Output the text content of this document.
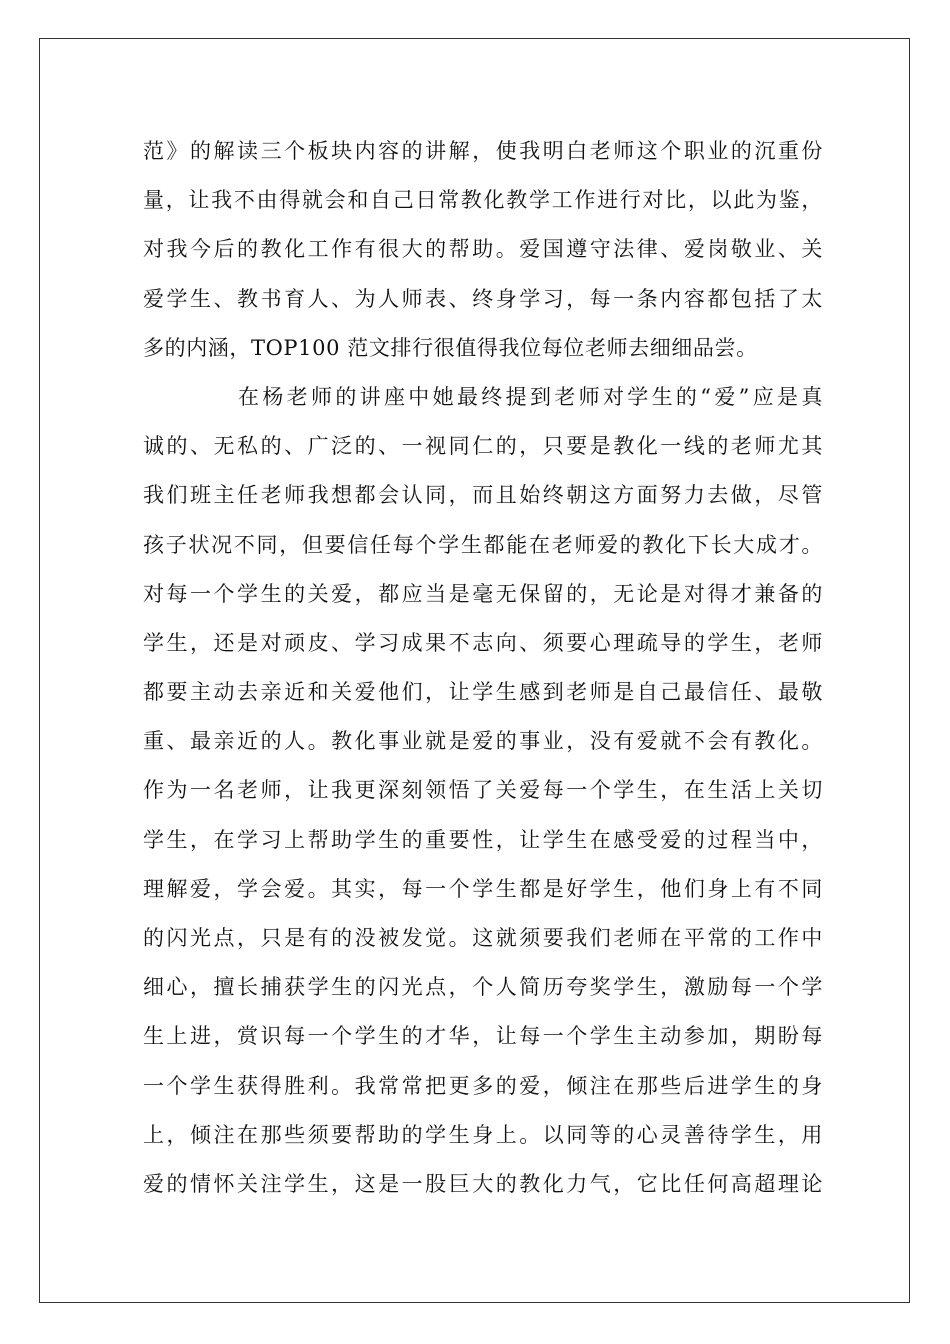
范》的解读三个板块内容的讲解，使我明白老师这个职业的沉重份
量，让我不由得就会和自己日常教化教学工作进行对比，以此为鉴，
对我今后的教化工作有很大的帮助。爱国遵守法律、爱岗敬业、关
爱学生、教书育人、为人师表、终身学习，每一条内容都包括了太
多的内涵，TOP100 范文排行很值得我位每位老师去细细品尝。
在杨老师的讲座中她最终提到老师对学生的“爱”应是真
诚的、无私的、广泛的、一视同仁的，只要是教化一线的老师尤其
我们班主任老师我想都会认同，而且始终朝这方面努力去做，尽管
孩子状况不同，但要信任每个学生都能在老师爱的教化下长大成才。
对每一个学生的关爱，都应当是毫无保留的，无论是对得才兼备的
学生，还是对顽皮、学习成果不志向、须要心理疏导的学生，老师
都要主动去亲近和关爱他们，让学生感到老师是自己最信任、最敬
重、最亲近的人。教化事业就是爱的事业，没有爱就不会有教化。
作为一名老师，让我更深刻领悟了关爱每一个学生，在生活上关切
学生，在学习上帮助学生的重要性，让学生在感受爱的过程当中，
理解爱，学会爱。其实，每一个学生都是好学生，他们身上有不同
的闪光点，只是有的没被发觉。这就须要我们老师在平常的工作中
细心，擅长捕获学生的闪光点，个人简历夸奖学生，激励每一个学
生上进，赏识每一个学生的才华，让每一个学生主动参加，期盼每
一个学生获得胜利。我常常把更多的爱，倾注在那些后进学生的身
上，倾注在那些须要帮助的学生身上。以同等的心灵善待学生，用
爱的情怀关注学生，这是一股巨大的教化力气，它比任何高超理论
